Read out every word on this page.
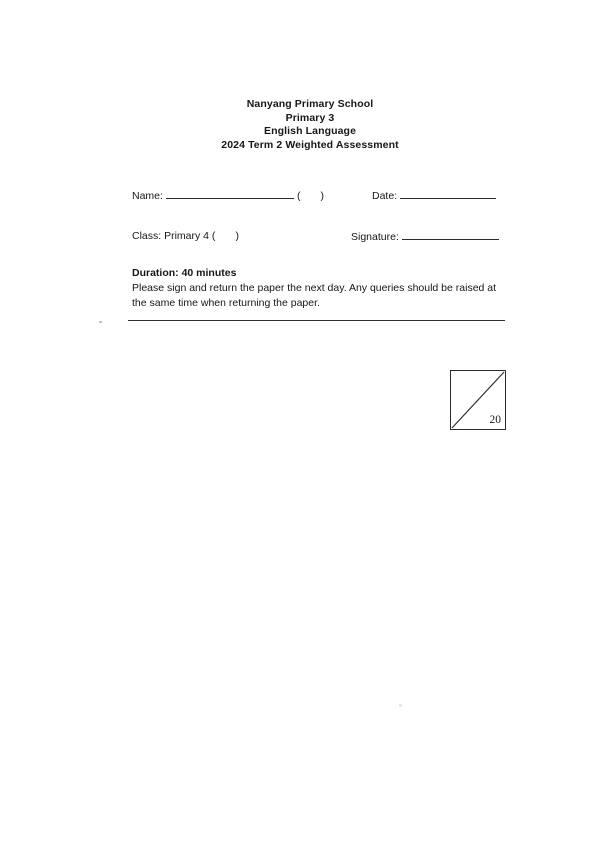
Nanyang Primary School
Primary 3
English Language
2024 Term 2 Weighted Assessment
Name:	( )	Date:
Class: Primary 4 ( )	Signature:

Duration: 40 minutes

Please sign and return the paper the next day. Any queries should be raised at the same time when returning the paper.

20
